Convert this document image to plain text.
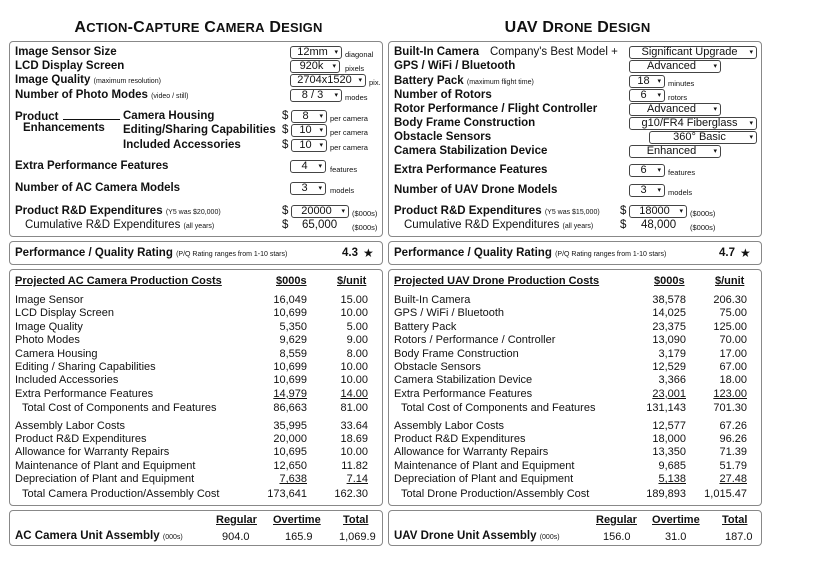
ACTION-CAPTURE CAMERA DESIGN
Image Sensor Size	12mm ▾ diagonal
LCD Display Screen	920k ▾ pixels
Image Quality (maximum resolution)	2704x1520 ▾ pix.
Number of Photo Modes (video / still)	8 / 3 ▾ modes
Product
Enhancements
Camera Housing	$	8 ▾ per camera
Editing/Sharing Capabilities $ 10 ▾ per camera
Included Accessories	$ 10 ▾ per camera
Extra Performance Features	4 ▾ features
Number of AC Camera Models	3 ▾ models
Product R&D Expenditures (Y5 was $20,000)	$	20000 ▾ ($000s)
Cumulative R&D Expenditures (all years)	$ 65,000 ($000s)
Performance / Quality Rating (P/Q Rating ranges from 1-10 stars)	4.3 ★
Projected AC Camera Production Costs	$000s	$/unit
Image Sensor	16,049	15.00
LCD Display Screen	10,699	10.00
Image Quality	5,350	5.00
Photo Modes	9,629	9.00
Camera Housing	8,559	8.00
Editing / Sharing Capabilities	10,699	10.00
Included Accessories	10,699	10.00
Extra Performance Features	14,979	14.00
Total Cost of Components and Features	86,663	81.00
Assembly Labor Costs	35,995	33.64
Product R&D Expenditures	20,000	18.69
Allowance for Warranty Repairs	10,695	10.00
Maintenance of Plant and Equipment	12,650	11.82
Depreciation of Plant and Equipment	7,638	7.14
Total Camera Production/Assembly Cost	173,641 162.30
Regular Overtime Total
AC Camera Unit Assembly (000s)	904.0	165.9 1,069.9
UAV DRONE DESIGN
Built-In Camera Company's Best Model +	Significant Upgrade ▾
GPS / WiFi / Bluetooth	Advanced	▾
Battery Pack (maximum flight time)	18 ▾ minutes
Number of Rotors	6 ▾ rotors
Rotor Performance / Flight Controller	Advanced	▾
Body Frame Construction	g10/FR4 Fiberglass ▾
Obstacle Sensors	360° Basic	▾
Camera Stabilization Device	Enhanced ▾
Extra Performance Features	6 ▾ features
Number of UAV Drone Models	3 ▾ models
Product R&D Expenditures (Y5 was $15,000) $	18000 ▾ ($000s)
Cumulative R&D Expenditures (all years) $ 48,000 ($000s)
Performance / Quality Rating (P/Q Rating ranges from 1-10 stars)	4.7 ★
Projected UAV Drone Production Costs	$000s	$/unit
Built-In Camera	38,578 206.30
GPS / WiFi / Bluetooth	14,025	75.00
Battery Pack	23,375 125.00
Rotors / Performance / Controller	13,090	70.00
Body Frame Construction	3,179	17.00
Obstacle Sensors	12,529	67.00
Camera Stabilization Device	3,366	18.00
Extra Performance Features	23,001 123.00
Total Cost of Components and Features	131,143 701.30
Assembly Labor Costs	12,577	67.26
Product R&D Expenditures	18,000	96.26
Allowance for Warranty Repairs	13,350	71.39
Maintenance of Plant and Equipment	9,685	51.79
Depreciation of Plant and Equipment	5,138	27.48
Total Drone Production/Assembly Cost	189,893 1,015.47
Regular Overtime Total
UAV Drone Unit Assembly (000s)	156.0	31.0	187.0
